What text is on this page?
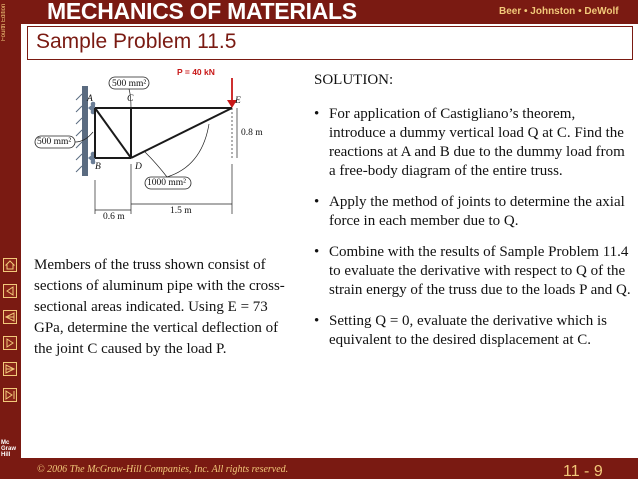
Fourth Edition
Mc Graw Hill
MECHANICS OF MATERIALS	Beer • Johnston • DeWolf
Sample Problem 11.5
P = 40 kN
500 mm²
500 mm²
1000 mm²
A
B
C
D
E
0.8 m
0.6 m
1.5 m
Members of the truss shown consist of sections of aluminum pipe with the cross-sectional areas indicated. Using E = 73 GPa, determine the vertical deflection of the joint C caused by the load P.
SOLUTION:
• For application of Castigliano’s theorem, introduce a dummy vertical load Q at C. Find the reactions at A and B due to the dummy load from a free-body diagram of the entire truss.
• Apply the method of joints to determine the axial force in each member due to Q.
• Combine with the results of Sample Problem 11.4 to evaluate the derivative with respect to Q of the strain energy of the truss due to the loads P and Q.
• Setting Q = 0, evaluate the derivative which is equivalent to the desired displacement at C.
© 2006 The McGraw-Hill Companies, Inc. All rights reserved.	11 - 9
